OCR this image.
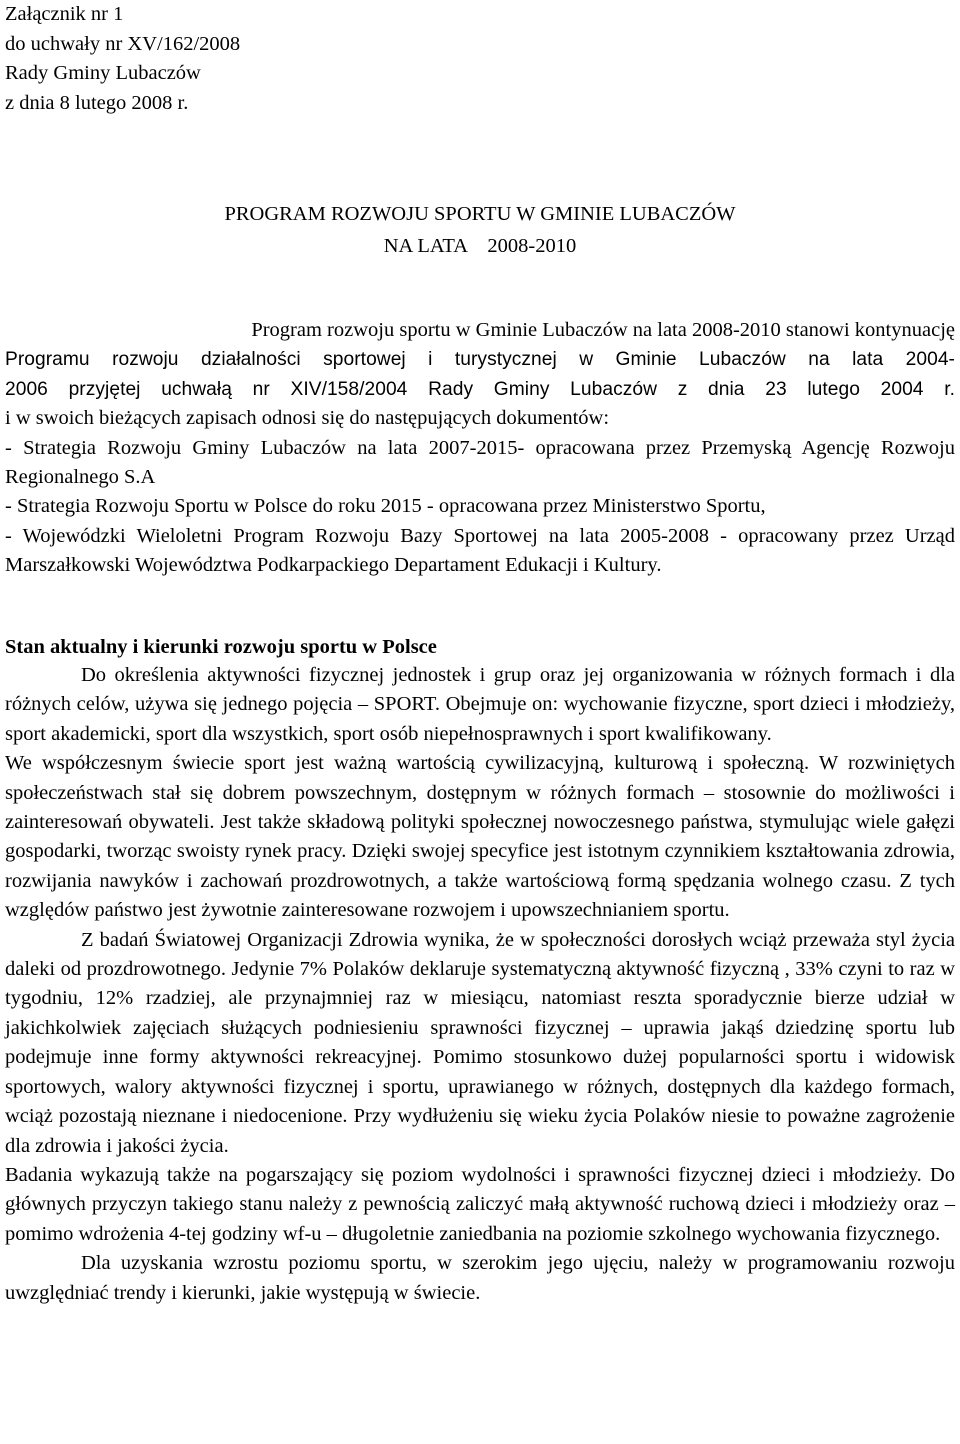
Załącznik nr 1
do uchwały nr XV/162/2008
Rady Gminy Lubaczów
z dnia 8 lutego 2008 r.
PROGRAM ROZWOJU SPORTU W GMINIE LUBACZÓW
NA LATA    2008-2010
Program rozwoju sportu w Gminie Lubaczów na lata 2008-2010 stanowi kontynuację
Programu rozwoju działalności sportowej i turystycznej w Gminie Lubaczów na lata 2004-
2006 przyjętej uchwałą nr XIV/158/2004 Rady Gminy Lubaczów z dnia 23 lutego 2004 r.
i w swoich bieżących zapisach odnosi się do następujących dokumentów:

- Strategia Rozwoju Gminy Lubaczów na lata 2007-2015- opracowana przez Przemyską Agencję Rozwoju Regionalnego S.A

- Strategia Rozwoju Sportu w Polsce do roku 2015 - opracowana przez Ministerstwo Sportu,

- Wojewódzki Wieloletni Program Rozwoju Bazy Sportowej na lata 2005-2008 - opracowany przez Urząd Marszałkowski Województwa Podkarpackiego Departament Edukacji i Kultury.

Stan aktualny i kierunki rozwoju sportu w Polsce

Do określenia aktywności fizycznej jednostek i grup oraz jej organizowania w różnych formach i dla różnych celów, używa się jednego pojęcia – SPORT. Obejmuje on: wychowanie fizyczne, sport dzieci i młodzieży, sport akademicki, sport dla wszystkich, sport osób niepełnosprawnych i sport kwalifikowany.

We współczesnym świecie sport jest ważną wartością cywilizacyjną, kulturową i społeczną. W rozwiniętych społeczeństwach stał się dobrem powszechnym, dostępnym w różnych formach – stosownie do możliwości i zainteresowań obywateli. Jest także składową polityki społecznej nowoczesnego państwa, stymulując wiele gałęzi gospodarki, tworząc swoisty rynek pracy. Dzięki swojej specyfice jest istotnym czynnikiem kształtowania zdrowia, rozwijania nawyków i zachowań prozdrowotnych, a także wartościową formą spędzania wolnego czasu. Z tych względów państwo jest żywotnie zainteresowane rozwojem i upowszechnianiem sportu.

Z badań Światowej Organizacji Zdrowia wynika, że w społeczności dorosłych wciąż przeważa styl życia daleki od prozdrowotnego. Jedynie 7% Polaków deklaruje systematyczną aktywność fizyczną , 33% czyni to raz w tygodniu, 12% rzadziej, ale przynajmniej raz w miesiącu, natomiast reszta sporadycznie bierze udział w jakichkolwiek zajęciach służących podniesieniu sprawności fizycznej – uprawia jakąś dziedzinę sportu lub podejmuje inne formy aktywności rekreacyjnej. Pomimo stosunkowo dużej popularności sportu i widowisk sportowych, walory aktywności fizycznej i sportu, uprawianego w różnych, dostępnych dla każdego formach, wciąż pozostają nieznane i niedocenione. Przy wydłużeniu się wieku życia Polaków niesie to poważne zagrożenie dla zdrowia i jakości życia.

Badania wykazują także na pogarszający się poziom wydolności i sprawności fizycznej dzieci i młodzieży. Do głównych przyczyn takiego stanu należy z pewnością zaliczyć małą aktywność ruchową dzieci i młodzieży oraz – pomimo wdrożenia 4-tej godziny wf-u – długoletnie zaniedbania na poziomie szkolnego wychowania fizycznego.

Dla uzyskania wzrostu poziomu sportu, w szerokim jego ujęciu, należy w programowaniu rozwoju uwzględniać trendy i kierunki, jakie występują w świecie.
